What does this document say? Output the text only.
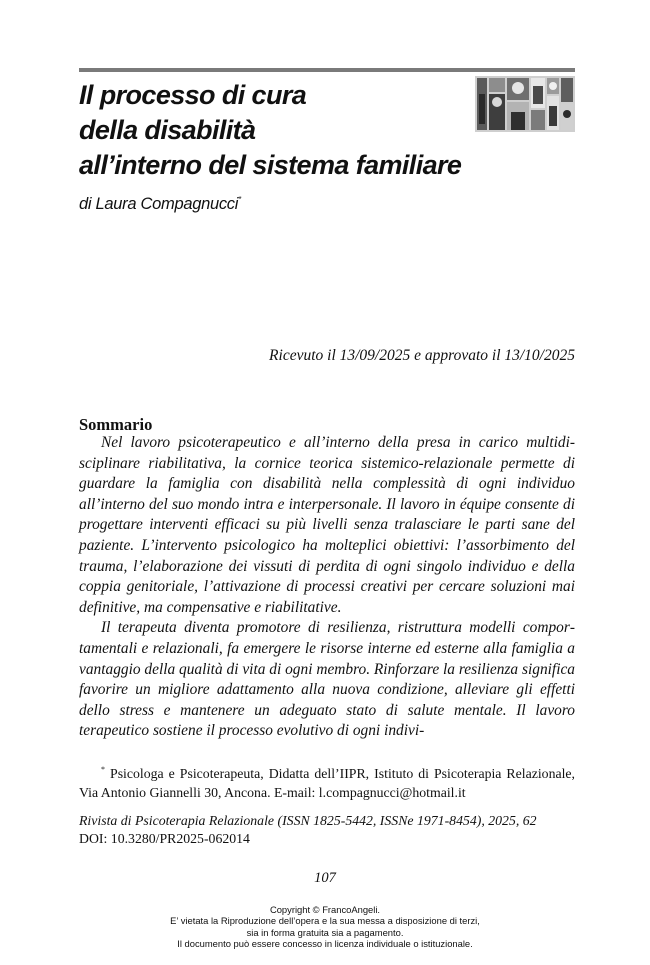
Il processo di cura
della disabilità
all’interno del sistema familiare
di Laura Compagnucci*
Ricevuto il 13/09/2025 e approvato il 13/10/2025
Sommario

Nel lavoro psicoterapeutico e all’interno della presa in carico multidisciplinare riabilitativa, la cornice teorica sistemico-relazionale permette di guardare la famiglia con disabilità nella complessità di ogni individuo all’interno del suo mondo intra e interpersonale. Il lavoro in équipe consente di progettare interventi efficaci su più livelli senza tralasciare le parti sane del paziente. L’intervento psicologico ha molteplici obiettivi: l’assorbimento del trauma, l’elaborazione dei vissuti di perdita di ogni singolo individuo e della coppia genitoriale, l’attivazione di processi creativi per cercare soluzioni mai definitive, ma compensative e riabilitative.

Il terapeuta diventa promotore di resilienza, ristruttura modelli comportamentali e relazionali, fa emergere le risorse interne ed esterne alla famiglia a vantaggio della qualità di vita di ogni membro. Rinforzare la resilienza significa favorire un migliore adattamento alla nuova condizione, alleviare gli effetti dello stress e mantenere un adeguato stato di salute mentale. Il lavoro terapeutico sostiene il processo evolutivo di ogni indivi-

* Psicologa e Psicoterapeuta, Didatta dell’IIPR, Istituto di Psicoterapia Relazionale, Via Antonio Giannelli 30, Ancona. E-mail: l.compagnucci@hotmail.it
Rivista di Psicoterapia Relazionale (ISSN 1825-5442, ISSNe 1971-8454), 2025, 62
DOI: 10.3280/PR2025-062014
107
Copyright © FrancoAngeli.
E’ vietata la Riproduzione dell’opera e la sua messa a disposizione di terzi,
sia in forma gratuita sia a pagamento.
Il documento può essere concesso in licenza individuale o istituzionale.
